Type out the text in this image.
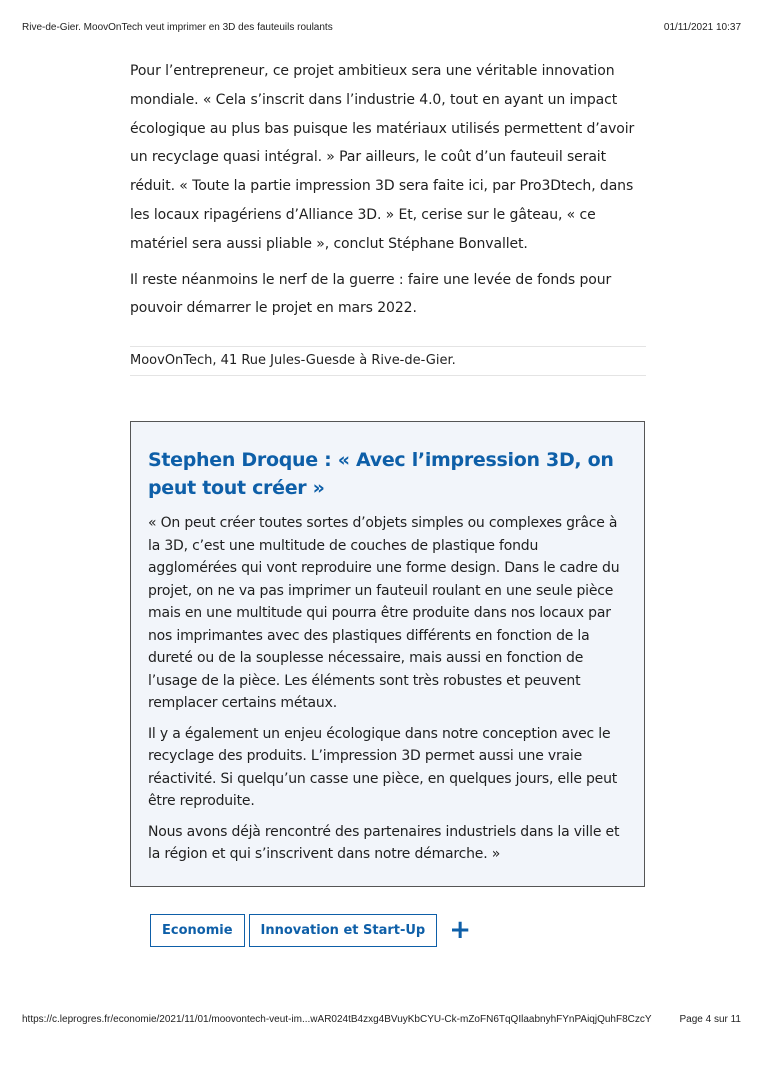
Rive-de-Gier. MoovOnTech veut imprimer en 3D des fauteuils roulants	01/11/2021 10:37

Pour l’entrepreneur, ce projet ambitieux sera une véritable innovation mondiale. « Cela s’inscrit dans l’industrie 4.0, tout en ayant un impact écologique au plus bas puisque les matériaux utilisés permettent d’avoir un recyclage quasi intégral. » Par ailleurs, le coût d’un fauteuil serait réduit. « Toute la partie impression 3D sera faite ici, par Pro3Dtech, dans les locaux ripagériens d’Alliance 3D. » Et, cerise sur le gâteau, « ce matériel sera aussi pliable », conclut Stéphane Bonvallet.

Il reste néanmoins le nerf de la guerre : faire une levée de fonds pour pouvoir démarrer le projet en mars 2022.

MoovOnTech, 41 Rue Jules-Guesde à Rive-de-Gier.
Stephen Droque : « Avec l’impression 3D, on peut tout créer »

« On peut créer toutes sortes d’objets simples ou complexes grâce à la 3D, c’est une multitude de couches de plastique fondu agglomérées qui vont reproduire une forme design. Dans le cadre du projet, on ne va pas imprimer un fauteuil roulant en une seule pièce mais en une multitude qui pourra être produite dans nos locaux par nos imprimantes avec des plastiques différents en fonction de la dureté ou de la souplesse nécessaire, mais aussi en fonction de l’usage de la pièce. Les éléments sont très robustes et peuvent remplacer certains métaux.

Il y a également un enjeu écologique dans notre conception avec le recyclage des produits. L’impression 3D permet aussi une vraie réactivité. Si quelqu’un casse une pièce, en quelques jours, elle peut être reproduite.

Nous avons déjà rencontré des partenaires industriels dans la ville et la région et qui s’inscrivent dans notre démarche. »

Economie	Innovation et Start-Up +
https://c.leprogres.fr/economie/2021/11/01/moovontech-veut-im...wAR024tB4zxg4BVuyKbCYU-Ck-mZoFN6TqQIlaabnyhFYnPAiqjQuhF8CzcY	Page 4 sur 11
